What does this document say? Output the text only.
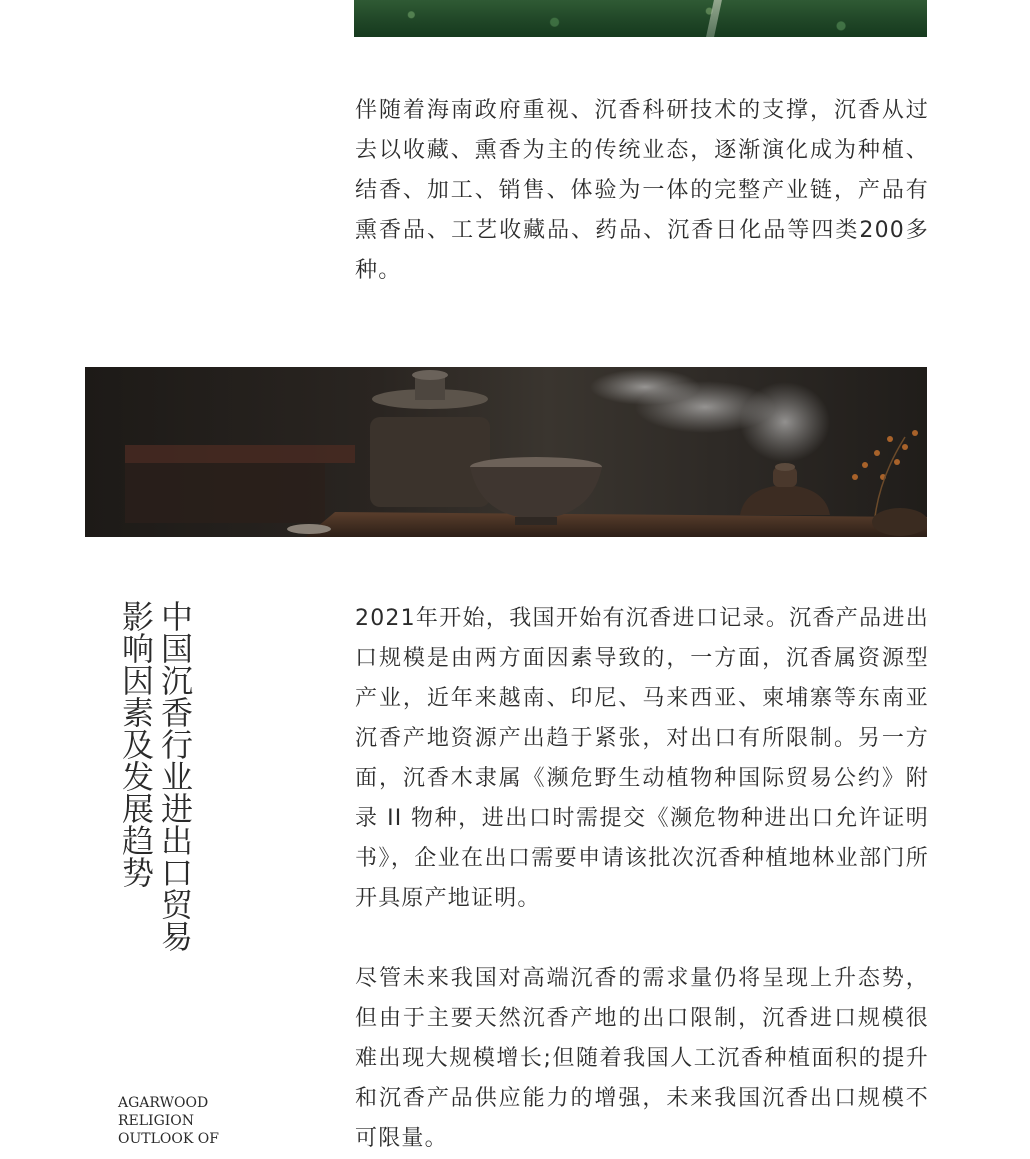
伴随着海南政府重视、沉香科研技术的支撑，沉香从过去以收藏、熏香为主的传统业态，逐渐演化成为种植、结香、加工、销售、体验为一体的完整产业链，产品有熏香品、工艺收藏品、药品、沉香日化品等四类200多种。

中国沉香行业进出口贸易
影响因素及发展趋势
AGARWOOD
RELIGION
OUTLOOK OF

2021年开始，我国开始有沉香进口记录。沉香产品进出口规模是由两方面因素导致的，一方面，沉香属资源型产业，近年来越南、印尼、马来西亚、柬埔寨等东南亚沉香产地资源产出趋于紧张，对出口有所限制。另一方面，沉香木隶属《濒危野生动植物种国际贸易公约》附录 II 物种，进出口时需提交《濒危物种进出口允许证明书》，企业在出口需要申请该批次沉香种植地林业部门所开具原产地证明。

尽管未来我国对高端沉香的需求量仍将呈现上升态势，但由于主要天然沉香产地的出口限制，沉香进口规模很难出现大规模增长;但随着我国人工沉香种植面积的提升和沉香产品供应能力的增强，未来我国沉香出口规模不可限量。
